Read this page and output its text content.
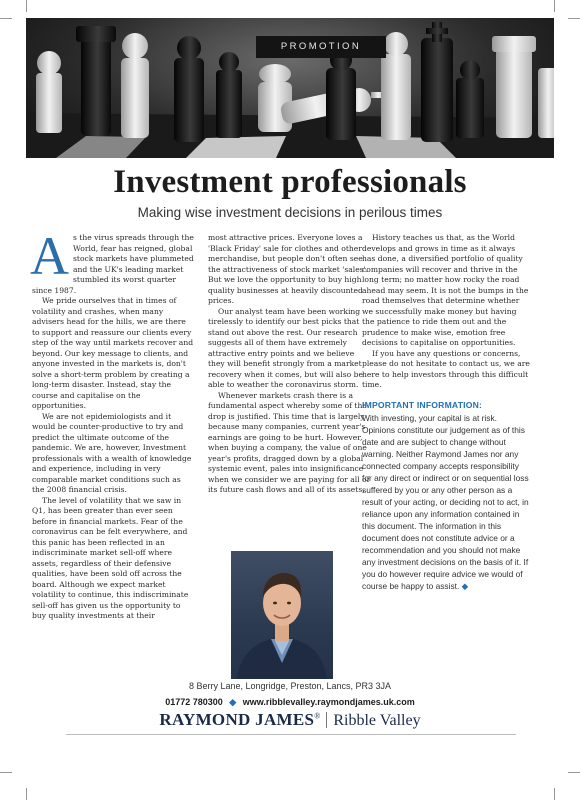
PROMOTION
Investment professionals
Making wise investment decisions in perilous times
A s the virus spreads through the World, fear has reigned, global stock markets have plummeted and the UK's leading market stumbled its worst quarter since 1987.

We pride ourselves that in times of volatility and crashes, when many advisers head for the hills, we are there to support and reassure our clients every step of the way until markets recover and beyond. Our key message to clients, and anyone invested in the markets is, don't solve a short-term problem by creating a long-term disaster. Instead, stay the course and capitalise on the opportunities.

We are not epidemiologists and it would be counter-productive to try and predict the ultimate outcome of the pandemic. We are, however, Investment professionals with a wealth of knowledge and experience, including in very comparable market conditions such as the 2008 financial crisis.

The level of volatility that we saw in Q1, has been greater than ever seen before in financial markets. Fear of the coronavirus can be felt everywhere, and this panic has been reflected in an indiscriminate market sell-off where assets, regardless of their defensive qualities, have been sold off across the board. Although we expect market volatility to continue, this indiscriminate sell-off has given us the opportunity to buy quality investments at their

most attractive prices. Everyone loves a 'Black Friday' sale for clothes and other merchandise, but people don't often see the attractiveness of stock market 'sales'. But we love the opportunity to buy high quality businesses at heavily discounted prices.

Our analyst team have been working tirelessly to identify our best picks that stand out above the rest. Our research suggests all of them have extremely attractive entry points and we believe they will benefit strongly from a market recovery when it comes, but will also be able to weather the coronavirus storm.

Whenever markets crash there is a fundamental aspect whereby some of the drop is justified. This time that is largely because many companies, current year's earnings are going to be hurt. However, when buying a company, the value of one year's profits, dragged down by a global systemic event, pales into insignificance when we consider we are paying for all of its future cash flows and all of its assets.

History teaches us that, as the World develops and grows in time as it always has done, a diversified portfolio of quality companies will recover and thrive in the long term; no matter how rocky the road ahead may seem. It is not the bumps in the road themselves that determine whether we successfully make money but having the patience to ride them out and the prudence to make wise, emotion free decisions to capitalise on opportunities.

If you have any questions or concerns, please do not hesitate to contact us, we are here to help investors through this difficult time.

IMPORTANT INFORMATION:
With investing, your capital is at risk. Opinions constitute our judgement as of this date and are subject to change without warning. Neither Raymond James nor any connected company accepts responsibility for any direct or indirect or on sequential loss suffered by you or any other person as a result of your acting, or deciding not to act, in reliance upon any information contained in this document. The information in this document does not constitute advice or a recommendation and you should not make any investment decisions on the basis of it. If you do however require advice we would of course be happy to assist. ◆
8 Berry Lane, Longridge, Preston, Lancs, PR3 3JA
01772 780300 ◆ www.ribblevalley.raymondjames.uk.com
RAYMOND JAMES® Ribble Valley
